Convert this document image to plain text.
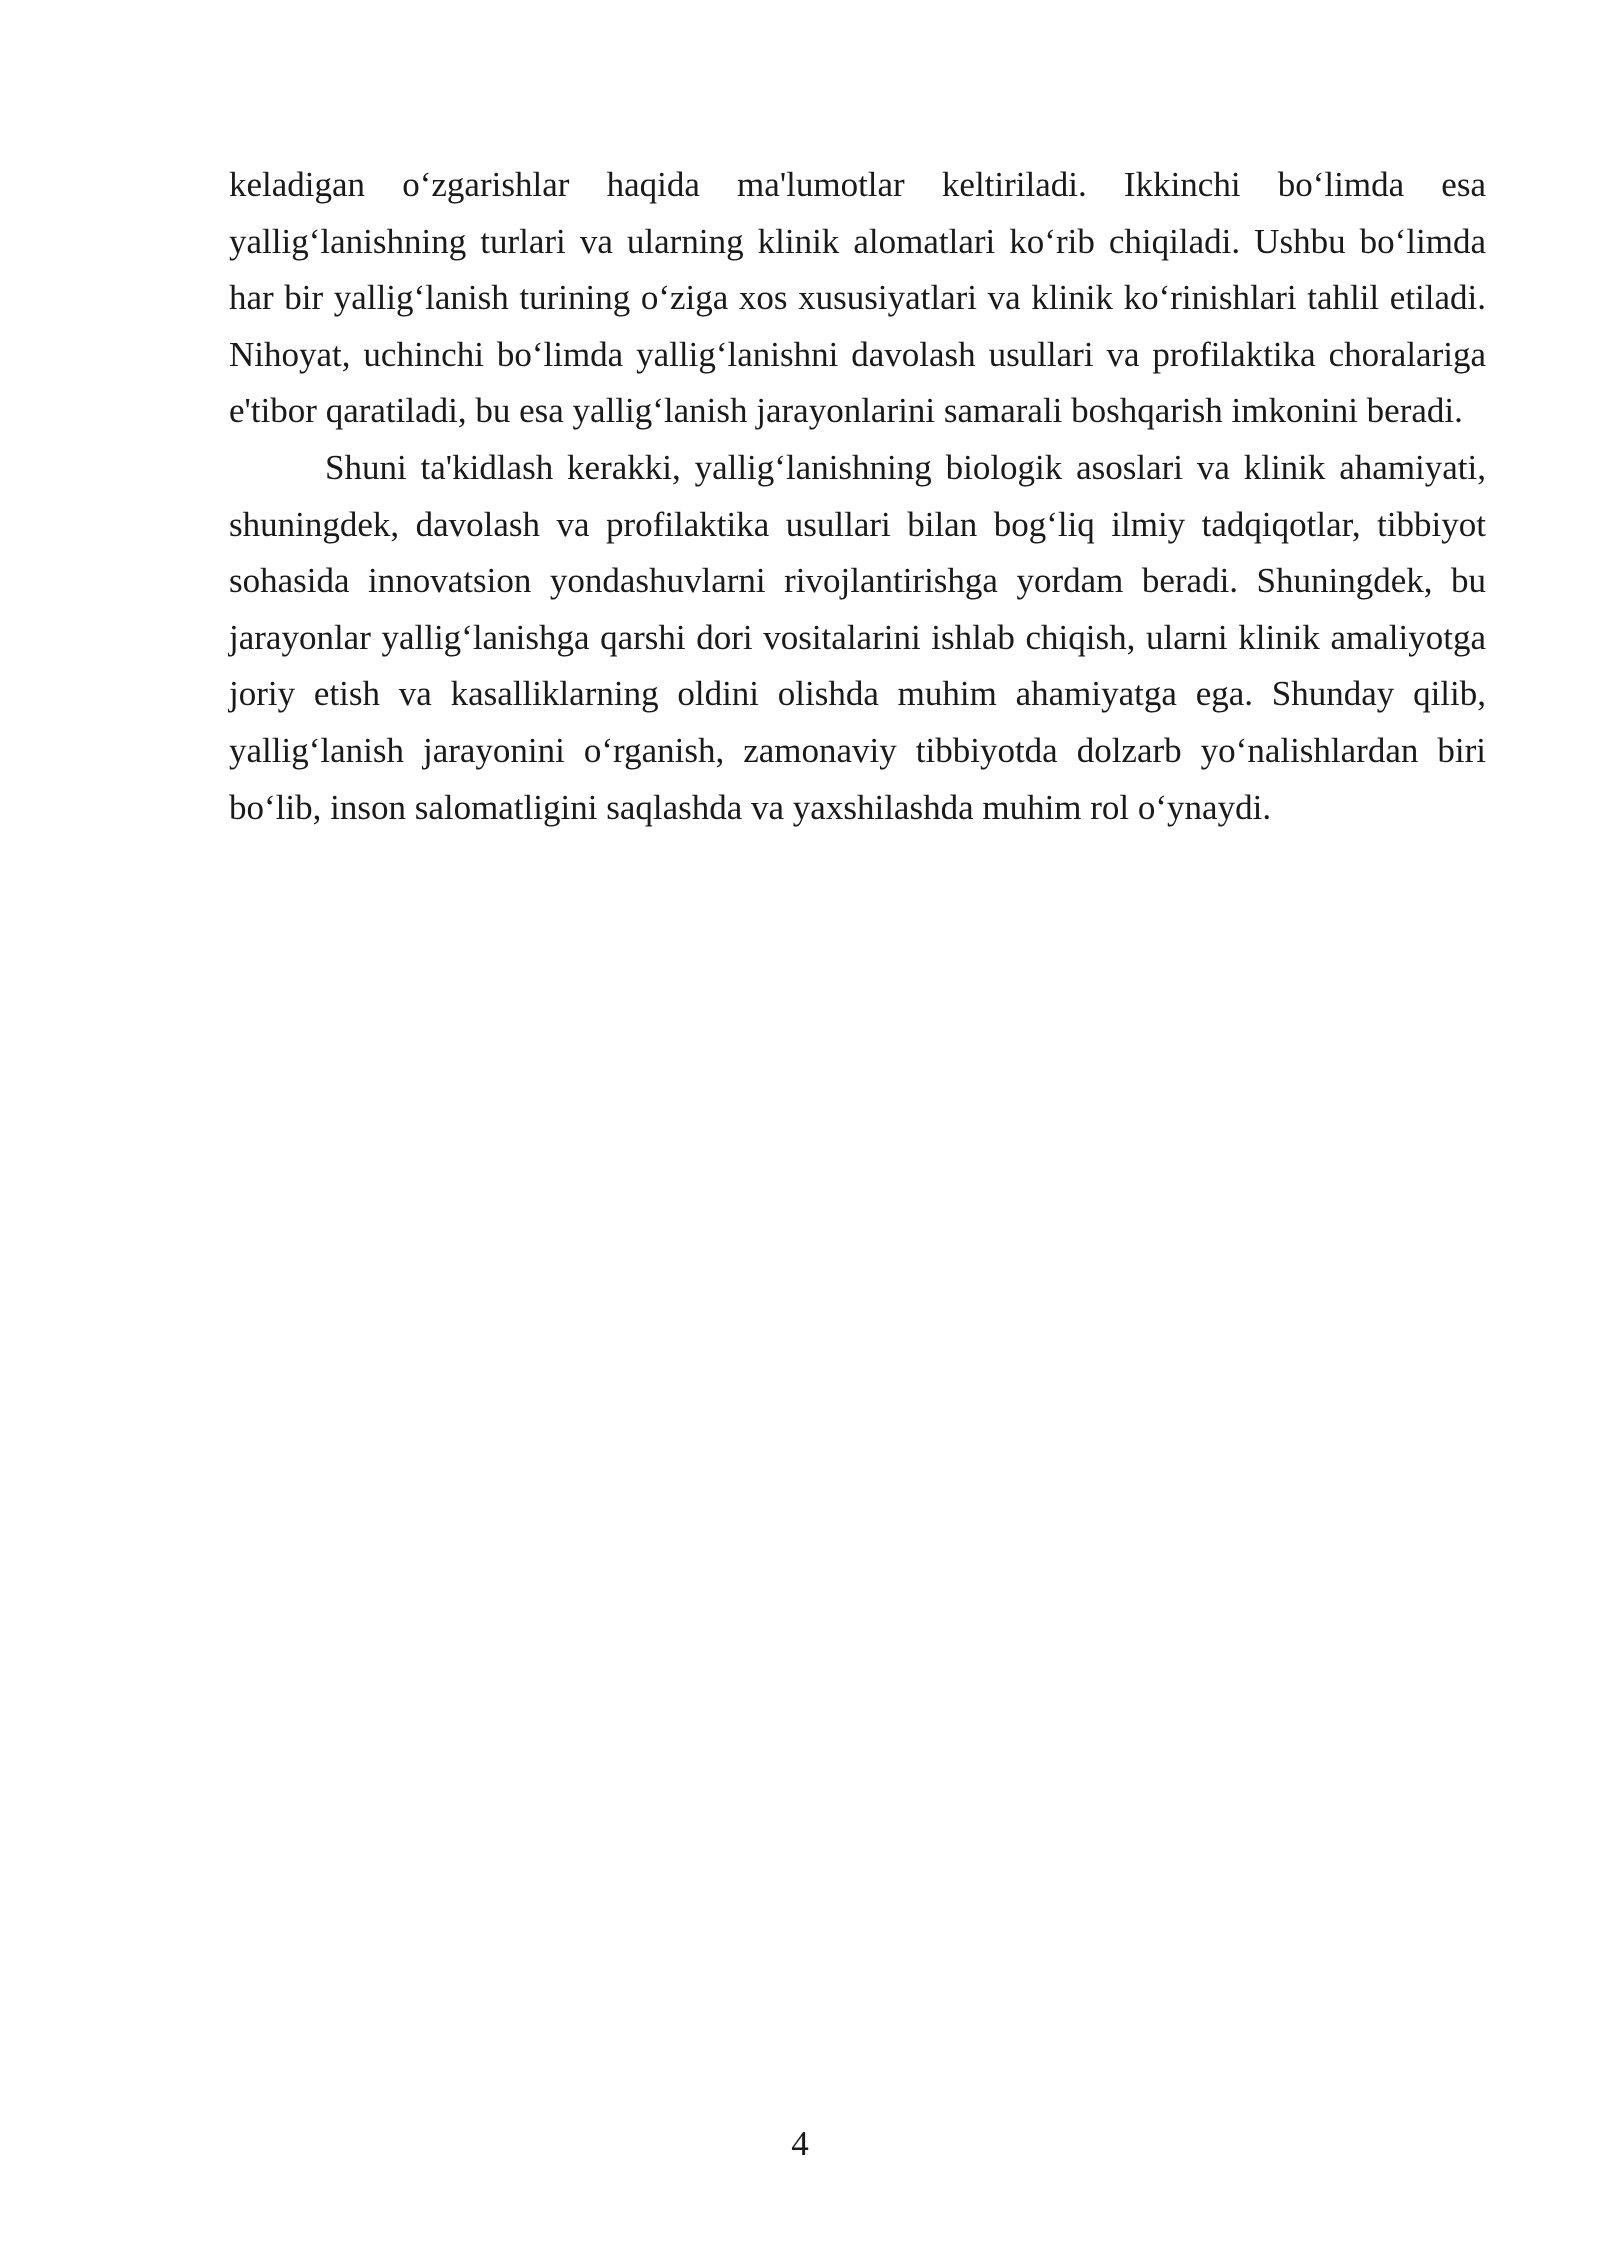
keladigan o‘zgarishlar haqida ma'lumotlar keltiriladi. Ikkinchi bo‘limda esa yallig‘lanishning turlari va ularning klinik alomatlari ko‘rib chiqiladi. Ushbu bo‘limda har bir yallig‘lanish turining o‘ziga xos xususiyatlari va klinik ko‘rinishlari tahlil etiladi. Nihoyat, uchinchi bo‘limda yallig‘lanishni davolash usullari va profilaktika choralariga e'tibor qaratiladi, bu esa yallig‘lanish jarayonlarini samarali boshqarish imkonini beradi.

Shuni ta'kidlash kerakki, yallig‘lanishning biologik asoslari va klinik ahamiyati, shuningdek, davolash va profilaktika usullari bilan bog‘liq ilmiy tadqiqotlar, tibbiyot sohasida innovatsion yondashuvlarni rivojlantirishga yordam beradi. Shuningdek, bu jarayonlar yallig‘lanishga qarshi dori vositalarini ishlab chiqish, ularni klinik amaliyotga joriy etish va kasalliklarning oldini olishda muhim ahamiyatga ega. Shunday qilib, yallig‘lanish jarayonini o‘rganish, zamonaviy tibbiyotda dolzarb yo‘nalishlardan biri bo‘lib, inson salomatligini saqlashda va yaxshilashda muhim rol o‘ynaydi.

4
